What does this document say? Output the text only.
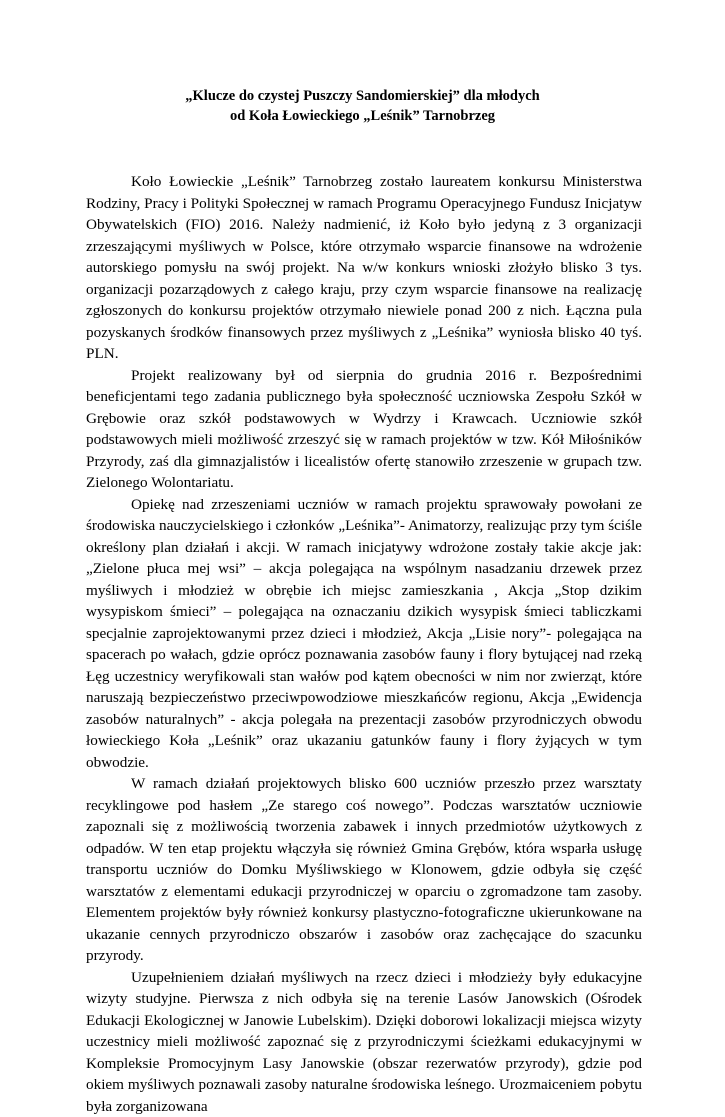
„Klucze do czystej Puszczy Sandomierskiej” dla młodych
od Koła Łowieckiego „Leśnik” Tarnobrzeg

Koło Łowieckie „Leśnik” Tarnobrzeg zostało laureatem konkursu Ministerstwa Rodziny, Pracy i Polityki Społecznej w ramach Programu Operacyjnego Fundusz Inicjatyw Obywatelskich (FIO) 2016. Należy nadmienić, iż Koło było jedyną z 3 organizacji zrzeszającymi myśliwych w Polsce, które otrzymało wsparcie finansowe na wdrożenie autorskiego pomysłu na swój projekt. Na w/w konkurs wnioski złożyło blisko 3 tys. organizacji pozarządowych z całego kraju, przy czym wsparcie finansowe na realizację zgłoszonych do konkursu projektów otrzymało niewiele ponad 200 z nich. Łączna pula pozyskanych środków finansowych przez myśliwych z „Leśnika” wyniosła blisko 40 tyś. PLN.

Projekt realizowany był od sierpnia do grudnia 2016 r. Bezpośrednimi beneficjentami tego zadania publicznego była społeczność uczniowska Zespołu Szkół w Grębowie oraz szkół podstawowych w Wydrzy i Krawcach. Uczniowie szkół podstawowych mieli możliwość zrzeszyć się w ramach projektów w tzw. Kół Miłośników Przyrody, zaś dla gimnazjalistów i licealistów ofertę stanowiło zrzeszenie w grupach tzw. Zielonego Wolontariatu.

Opiekę nad zrzeszeniami uczniów w ramach projektu sprawowały powołani ze środowiska nauczycielskiego i członków „Leśnika”- Animatorzy, realizując przy tym ściśle określony plan działań i akcji. W ramach inicjatywy wdrożone zostały takie akcje jak: „Zielone płuca mej wsi” – akcja polegająca na wspólnym nasadzaniu drzewek przez myśliwych i młodzież w obrębie ich miejsc zamieszkania , Akcja „Stop dzikim wysypiskom śmieci” – polegająca na oznaczaniu dzikich wysypisk śmieci tabliczkami specjalnie zaprojektowanymi przez dzieci i młodzież, Akcja „Lisie nory”- polegająca na spacerach po wałach, gdzie oprócz poznawania zasobów fauny i flory bytującej nad rzeką Łęg uczestnicy weryfikowali stan wałów pod kątem obecności w nim nor zwierząt, które naruszają bezpieczeństwo przeciwpowodziowe mieszkańców regionu, Akcja „Ewidencja zasobów naturalnych” - akcja polegała na prezentacji zasobów przyrodniczych obwodu łowieckiego Koła „Leśnik” oraz ukazaniu gatunków fauny i flory żyjących w tym obwodzie.

W ramach działań projektowych blisko 600 uczniów przeszło przez warsztaty recyklingowe pod hasłem „Ze starego coś nowego”. Podczas warsztatów uczniowie zapoznali się z możliwością tworzenia zabawek i innych przedmiotów użytkowych z odpadów. W ten etap projektu włączyła się również Gmina Grębów, która wsparła usługę transportu uczniów do Domku Myśliwskiego w Klonowem, gdzie odbyła się część warsztatów z elementami edukacji przyrodniczej w oparciu o zgromadzone tam zasoby. Elementem projektów były również konkursy plastyczno-fotograficzne ukierunkowane na ukazanie cennych przyrodniczo obszarów i zasobów oraz zachęcające do szacunku przyrody.

Uzupełnieniem działań myśliwych na rzecz dzieci i młodzieży były edukacyjne wizyty studyjne. Pierwsza z nich odbyła się na terenie Lasów Janowskich (Ośrodek Edukacji Ekologicznej w Janowie Lubelskim). Dzięki doborowi lokalizacji miejsca wizyty uczestnicy mieli możliwość zapoznać się z przyrodniczymi ścieżkami edukacyjnymi w Kompleksie Promocyjnym Lasy Janowskie (obszar rezerwatów przyrody), gdzie pod okiem myśliwych poznawali zasoby naturalne środowiska leśnego. Urozmaiceniem pobytu była zorganizowana
